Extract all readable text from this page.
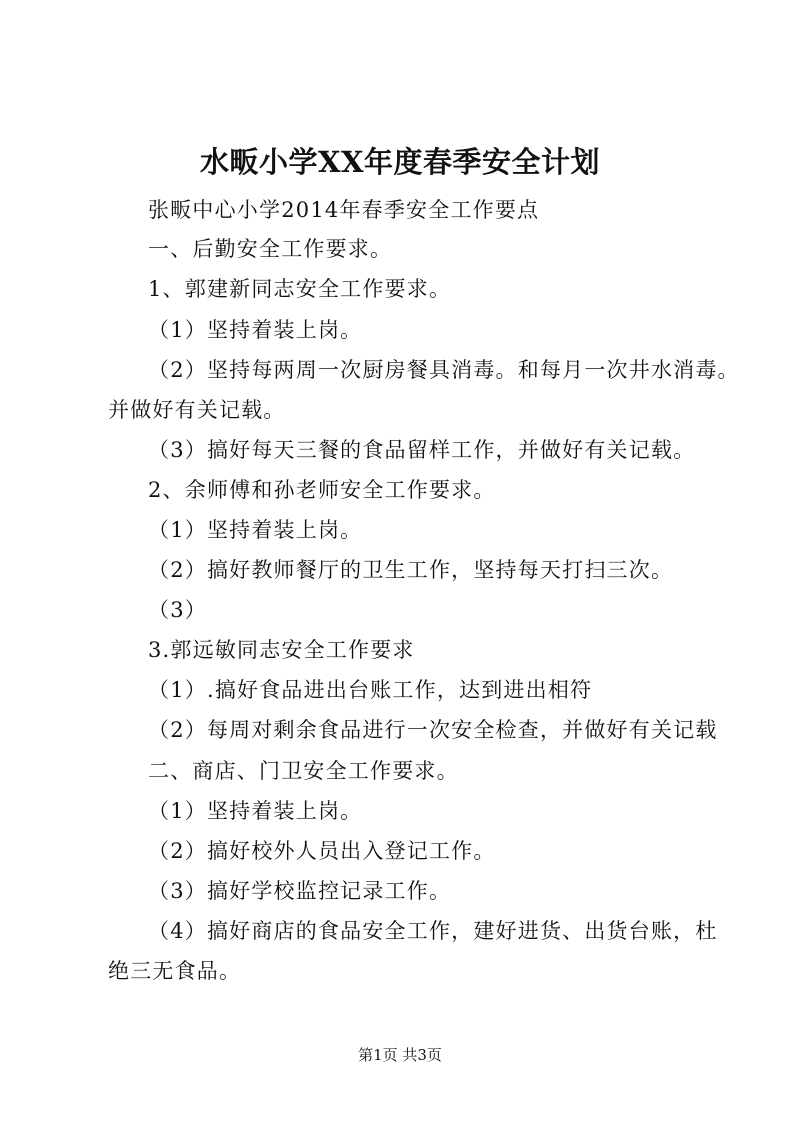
水畈小学XX年度春季安全计划
张畈中心小学2014年春季安全工作要点
一、后勤安全工作要求。
1、郭建新同志安全工作要求。
（1）坚持着装上岗。
（2）坚持每两周一次厨房餐具消毒。和每月一次井水消毒。
并做好有关记载。
（3）搞好每天三餐的食品留样工作，并做好有关记载。
2、余师傅和孙老师安全工作要求。
（1）坚持着装上岗。
（2）搞好教师餐厅的卫生工作，坚持每天打扫三次。
（3）
3.郭远敏同志安全工作要求
（1）.搞好食品进出台账工作，达到进出相符
（2）每周对剩余食品进行一次安全检查，并做好有关记载
二、商店、门卫安全工作要求。
（1）坚持着装上岗。
（2）搞好校外人员出入登记工作。
（3）搞好学校监控记录工作。
（4）搞好商店的食品安全工作，建好进货、出货台账，杜
绝三无食品。
第1页 共3页
